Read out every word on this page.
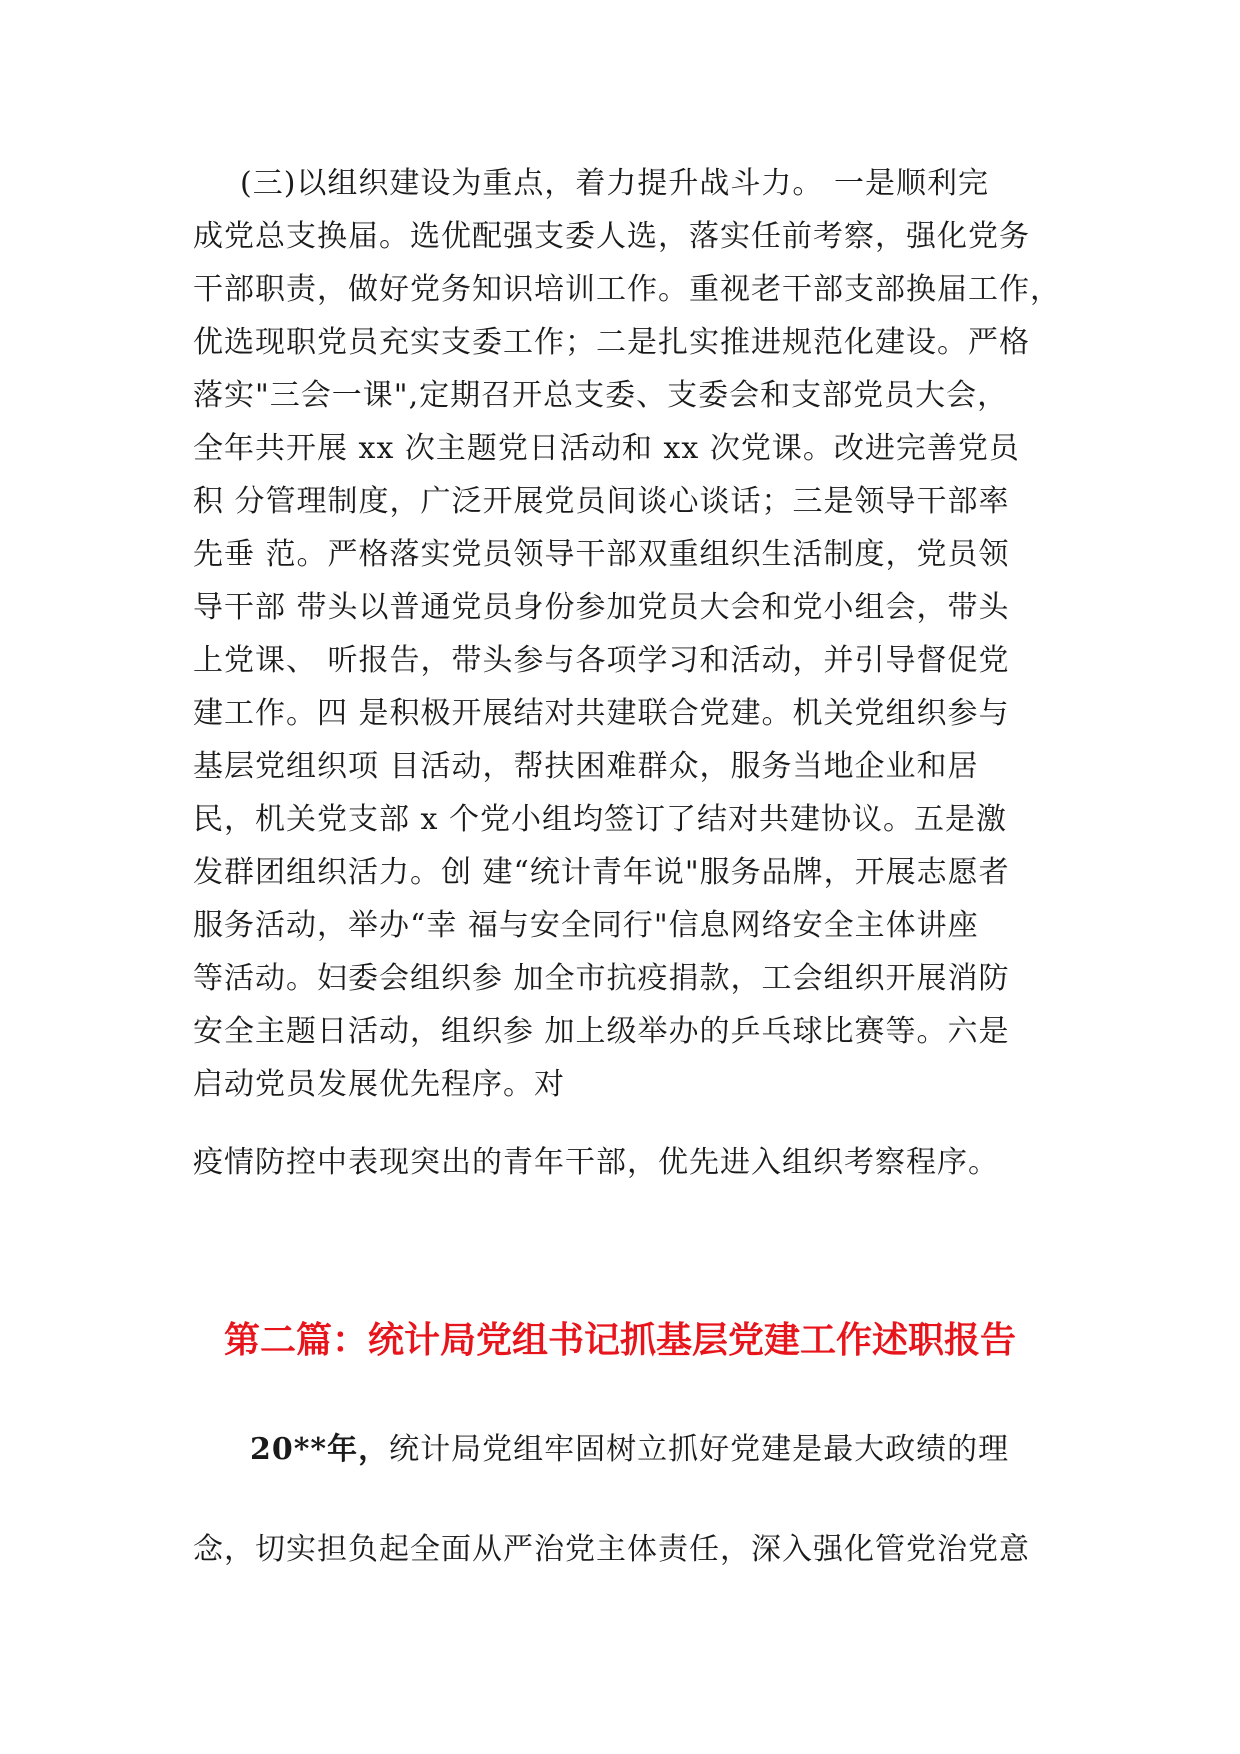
(三)以组织建设为重点，着力提升战斗力。 一是顺利完
成党总支换届。选优配强支委人选，落实任前考察，强化党务
干部职责，做好党务知识培训工作。重视老干部支部换届工作，
优选现职党员充实支委工作；二是扎实推进规范化建设。严格
落实"三会一课",定期召开总支委、支委会和支部党员大会，
全年共开展 xx 次主题党日活动和 xx 次党课。改进完善党员
积 分管理制度，广泛开展党员间谈心谈话；三是领导干部率
先垂 范。严格落实党员领导干部双重组织生活制度，党员领
导干部 带头以普通党员身份参加党员大会和党小组会，带头
上党课、 听报告，带头参与各项学习和活动，并引导督促党
建工作。四 是积极开展结对共建联合党建。机关党组织参与
基层党组织项 目活动，帮扶困难群众，服务当地企业和居
民，机关党支部 x 个党小组均签订了结对共建协议。五是激
发群团组织活力。创 建“统计青年说"服务品牌，开展志愿者
服务活动，举办“幸 福与安全同行"信息网络安全主体讲座
等活动。妇委会组织参 加全市抗疫捐款，工会组织开展消防
安全主题日活动，组织参 加上级举办的乒乓球比赛等。六是
启动党员发展优先程序。对
疫情防控中表现突出的青年干部，优先进入组织考察程序。
第二篇：统计局党组书记抓基层党建工作述职报告
20**年，统计局党组牢固树立抓好党建是最大政绩的理
念，切实担负起全面从严治党主体责任，深入强化管党治党意
